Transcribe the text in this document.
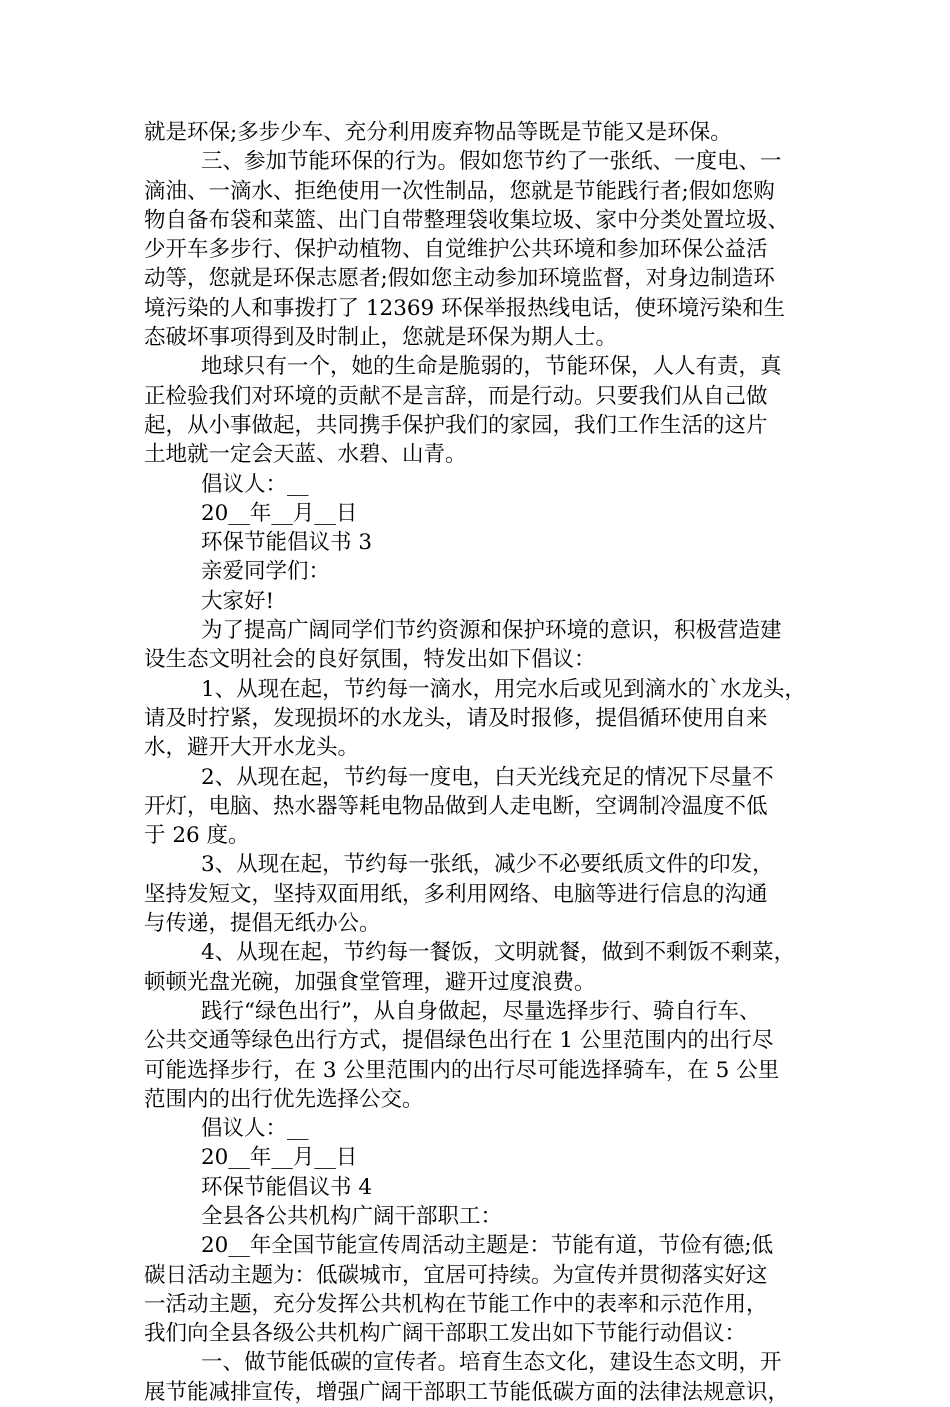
就是环保;多步少车、充分利用废弃物品等既是节能又是环保。
三、参加节能环保的行为。假如您节约了一张纸、一度电、一
滴油、一滴水、拒绝使用一次性制品，您就是节能践行者;假如您购
物自备布袋和菜篮、出门自带整理袋收集垃圾、家中分类处置垃圾、
少开车多步行、保护动植物、自觉维护公共环境和参加环保公益活
动等，您就是环保志愿者;假如您主动参加环境监督，对身边制造环
境污染的人和事拨打了 12369 环保举报热线电话，使环境污染和生
态破坏事项得到及时制止，您就是环保为期人士。
地球只有一个，她的生命是脆弱的，节能环保，人人有责，真
正检验我们对环境的贡献不是言辞，而是行动。只要我们从自己做
起，从小事做起，共同携手保护我们的家园，我们工作生活的这片
土地就一定会天蓝、水碧、山青。
倡议人：__
20__年__月__日
环保节能倡议书 3
亲爱同学们：
大家好!
为了提高广阔同学们节约资源和保护环境的意识，积极营造建
设生态文明社会的良好氛围，特发出如下倡议：
1、从现在起，节约每一滴水，用完水后或见到滴水的`水龙头，
请及时拧紧，发现损坏的水龙头，请及时报修，提倡循环使用自来
水，避开大开水龙头。
2、从现在起，节约每一度电，白天光线充足的情况下尽量不
开灯，电脑、热水器等耗电物品做到人走电断，空调制冷温度不低
于 26 度。
3、从现在起，节约每一张纸，减少不必要纸质文件的印发，
坚持发短文，坚持双面用纸，多利用网络、电脑等进行信息的沟通
与传递，提倡无纸办公。
4、从现在起，节约每一餐饭，文明就餐，做到不剩饭不剩菜，
顿顿光盘光碗，加强食堂管理，避开过度浪费。
践行“绿色出行”，从自身做起，尽量选择步行、骑自行车、
公共交通等绿色出行方式，提倡绿色出行在 1 公里范围内的出行尽
可能选择步行，在 3 公里范围内的出行尽可能选择骑车，在 5 公里
范围内的出行优先选择公交。
倡议人：__
20__年__月__日
环保节能倡议书 4
全县各公共机构广阔干部职工：
20__年全国节能宣传周活动主题是：节能有道，节俭有德;低
碳日活动主题为：低碳城市，宜居可持续。为宣传并贯彻落实好这
一活动主题，充分发挥公共机构在节能工作中的表率和示范作用，
我们向全县各级公共机构广阔干部职工发出如下节能行动倡议：
一、做节能低碳的宣传者。培育生态文化，建设生态文明，开
展节能减排宣传，增强广阔干部职工节能低碳方面的法律法规意识，
